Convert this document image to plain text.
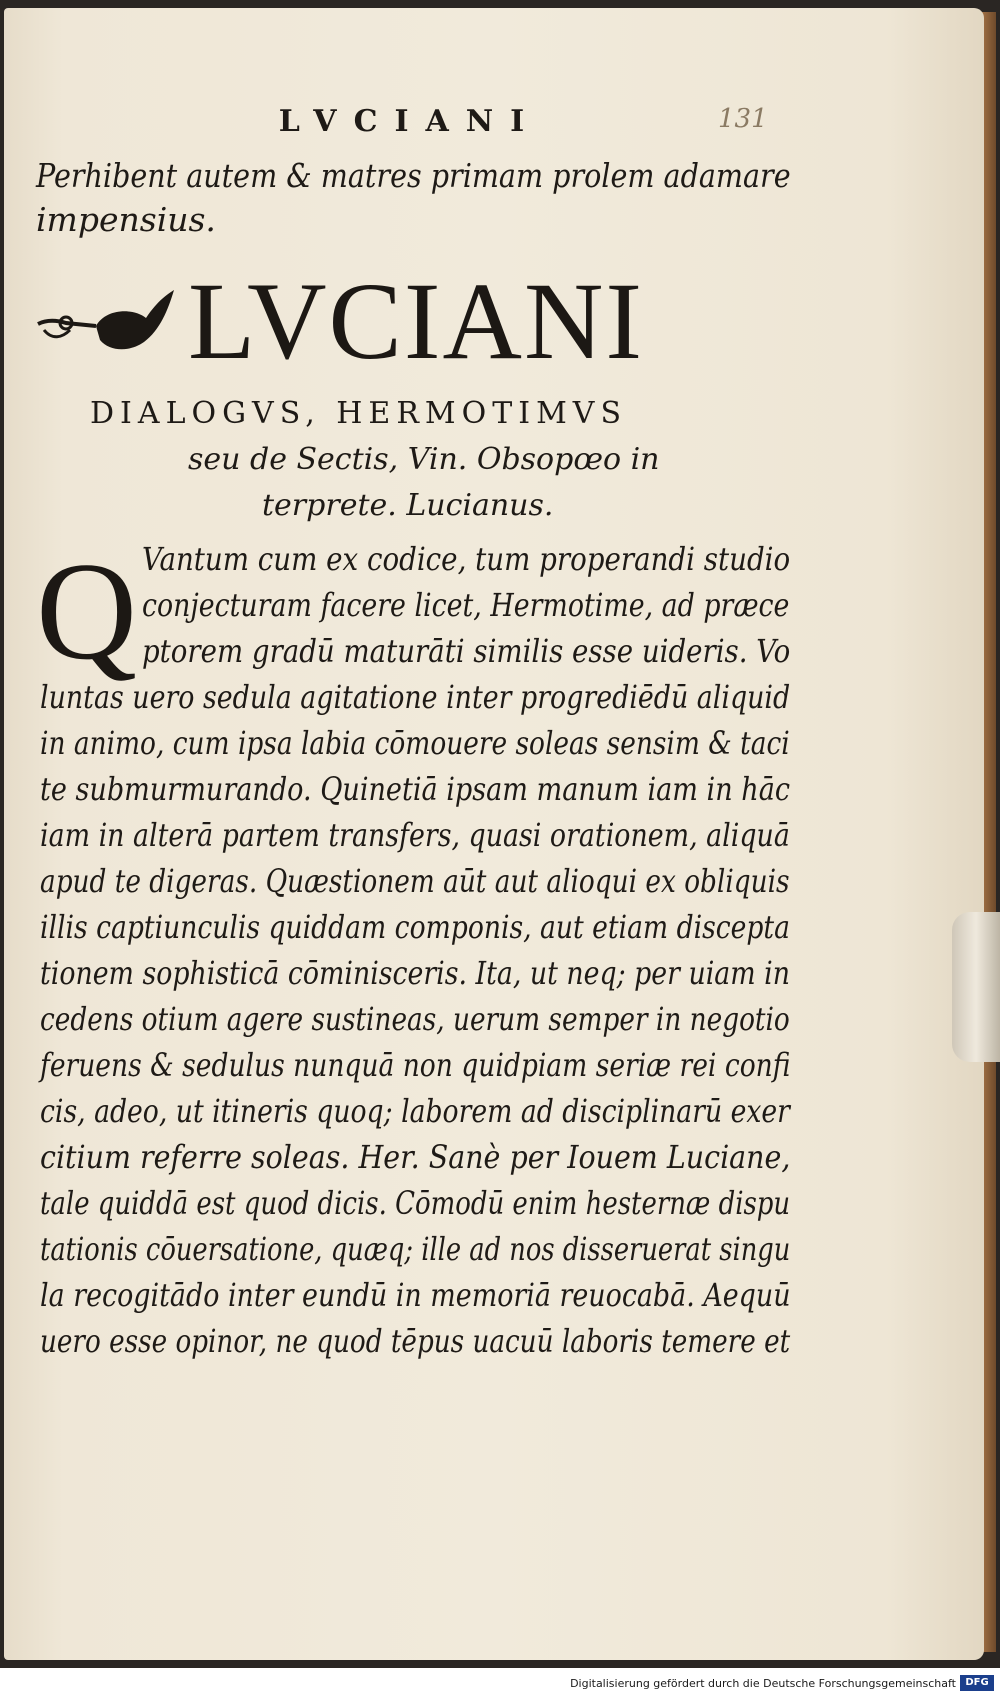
LVCIANI	131
Perhibent autem & matres primam prolem adamare
impensius.
LVCIANI
DIALOGVS, HERMOTIMVS
seu de Sectis, Vin. Obsopœo in
terprete. Lucianus.
Q Vantum cum ex codice, tum properandi studio
conjecturam facere licet, Hermotime, ad præce
ptorem gradū maturāti similis esse uideris. Vo
luntas uero sedula agitatione inter progrediēdū aliquid
in animo, cum ipsa labia cōmouere soleas sensim & taci
te submurmurando. Quinetiā ipsam manum iam in hāc
iam in alterā partem transfers, quasi orationem, aliquā
apud te digeras. Quæstionem aūt aut alioqui ex obliquis
illis captiunculis quiddam componis, aut etiam discepta
tionem sophisticā cōminisceris. Ita, ut neq; per uiam in
cedens otium agere sustineas, uerum semper in negotio
feruens & sedulus nunquā non quidpiam seriæ rei confi
cis, adeo, ut itineris quoq; laborem ad disciplinarū exer
citium referre soleas. Her. Sanè per Iouem Luciane,
tale quiddā est quod dicis. Cōmodū enim hesternæ dispu
tationis cōuersatione, quæq; ille ad nos disseruerat singu
la recogitādo inter eundū in memoriā reuocabā. Aequū
uero esse opinor, ne quod tēpus uacuū laboris temere et
Digitalisierung gefördert durch die Deutsche Forschungsgemeinschaft DFG
